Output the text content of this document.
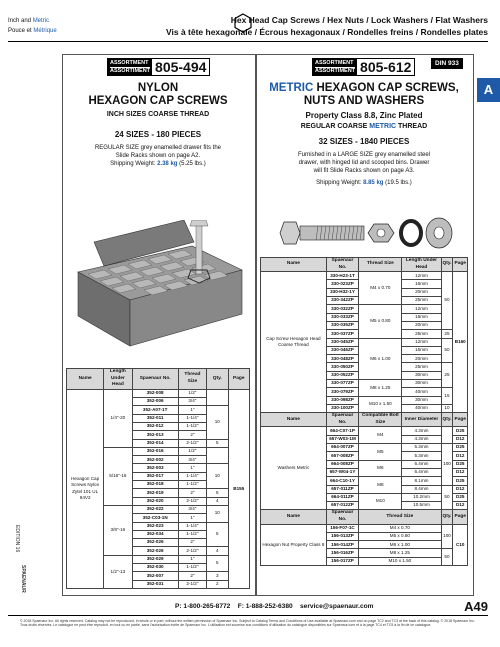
Inch and Metric
Pouce et Métrique
Hex Head Cap Screws / Hex Nuts / Lock Washers / Flat Washers
Vis à tête hexagonale / Écrous hexagonaux / Rondelles freins / Rondelles plates
A
ASSORTMENT
ASSORTIMENT 805-494
NYLON
HEXAGON CAP SCREWS
INCH SIZES COARSE THREAD
24 SIZES - 180 PIECES
REGULAR SIZE grey enamelled drawer fits the
Slide Racks shown on page A2.
Shipping Weight: 2.38 kg (5.25 lbs.)
Name	Length Under Head	Spaenaur No.	Thread Size	Qty.	Page
Hexagon Cap Screws Nylon Zytel 101 UL 94V2	1/4"-20	352-008	1/2"		B155
		352-006	3/4"		
		352-A07-1T	1"	10	
		352-011	1-1/4"		
		352-012	1-1/2"		
		352-013	2"		
		352-014	2-1/2"	5	
	5/16"-18	352-016	1/2"		
		352-002	3/4"		
		352-003	1"	10	
		352-017	1-1/4"		
		352-018	1-1/2"		
		352-019	2"	5	
		352-020	2-1/2"	4	
	3/8"-16	352-022	3/4"	10	
		352-C03-1N	1"		
		352-023	1-1/4"	5	
		352-034	1-1/2"		
		352-026	2"		
		352-026	2-1/2"	4	
	1/2"-13	352-029	1"	5	
		352-030	1-1/2"		
		352-007	2"	3	
		352-031	2-1/2"	2	
ASSORTMENT
ASSORTIMENT 805-612	DIN 933
METRIC HEXAGON CAP SCREWS,
NUTS AND WASHERS
Property Class 8.8, Zinc Plated
REGULAR COARSE METRIC THREAD
32 SIZES - 1840 PIECES
Furnished in a LARGE SIZE grey enamelled steel
drawer, with hinged lid and scooped bins. Drawer
will fit Slide Racks shown on page A3.
Shipping Weight: 8.85 kg (19.5 lbs.)
Name	Spaenaur No.	Thread Size	Length Under Head	Qty.	Page
Cap Screw Hexagon Head Coarse Thread	330-H23-1T	M4 x 0.70	12mm	50	B160
	330-023ZP		16mm		
	330-H32-1Y		20mm		
	330-342ZP		25mm		
	330-032ZP	M5 x 0.80	12mm		
	330-033ZP		16mm		
	330-035ZP		20mm		
	330-037ZP		25mm	25	
	330-045ZP	M6 x 1.00	12mm	50	
	330-046ZP		16mm		
	330-048ZP		20mm		
	330-050ZP		25mm	25	
	330-052ZP		30mm		
	330-077ZP	M8 x 1.25	30mm		
	330-079ZP		40mm	15	
	330-098ZP	M10 x 1.50	30mm		
	330-100ZP		40mm	10	
Name	Spaenaur No.	Compatible Bolt Size	Inner Diameter	Qty.	Page
Washers Metric	664-C07-1P	M4	4.3mm		D25
	657-W03-1M		4.3mm		D12
	664-007ZP	M5	5.3mm	100	D25
	657-008ZP		5.3mm		D12
	664-008ZP	M6	6.4mm		D25
	657-W04-1Y		6.4mm		D12
	664-C10-1Y	M8	8.1mm		D25
	657-011ZP		8.4mm	50	D12
	664-011ZP	M10	10.2mm		D25
	657-012ZP		10.5mm		D12
Name	Spaenaur No.	Thread Size		Qty.	Page
Hexagon Nut Property Class 8	156-F07-1C	M4 x 0.70		100	C10
	156-013ZP	M5 x 0.80			
	156-014ZP	M6 x 1.00			
	156-016ZP	M8 x 1.25		50	
	156-017ZP	M10 x 1.50			
P: 1-800-265-8772 F: 1-888-252-6380 service@spaenaur.com	A49
© 2018 Spaenaur Inc. All rights reserved. Catalog may not be reproduced, in whole or in part, without the written permission of Spaenaur Inc. Subject to Catalog Terms and Conditions of Use available at Spaenaur.com and on page TC2 and TC3 at the back of this catalog. © 2018 Spaenaur Inc. Tous droits réservés. Le catalogue ne peut être reproduit, en tout ou en partie, sans l'autorisation écrite de Spaenaur Inc. L'utilisation est soumise aux conditions d'utilisation du catalogue disponibles sur Spaenaur.com et à la page TC4 et TC5 à la fin de ce catalogue.
EDITION 16
SPAENAUR
